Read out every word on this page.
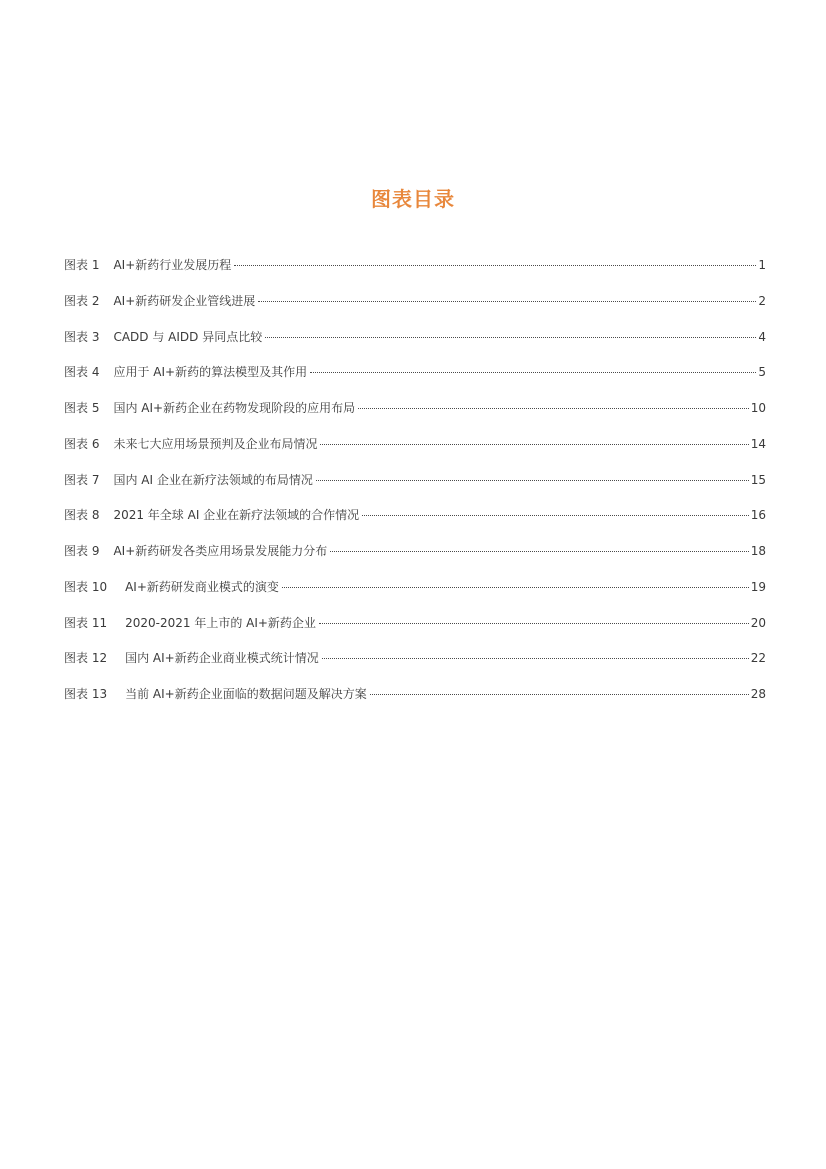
图表目录
图表 1 AI+新药行业发展历程	1
图表 2 AI+新药研发企业管线进展	2
图表 3 CADD 与 AIDD 异同点比较	4
图表 4 应用于 AI+新药的算法模型及其作用	5
图表 5 国内 AI+新药企业在药物发现阶段的应用布局	10
图表 6 未来七大应用场景预判及企业布局情况	14
图表 7 国内 AI 企业在新疗法领域的布局情况	15
图表 8 2021 年全球 AI 企业在新疗法领域的合作情况	16
图表 9 AI+新药研发各类应用场景发展能力分布	18
图表 10 AI+新药研发商业模式的演变	19
图表 11 2020-2021 年上市的 AI+新药企业	20
图表 12 国内 AI+新药企业商业模式统计情况	22
图表 13 当前 AI+新药企业面临的数据问题及解决方案	28
